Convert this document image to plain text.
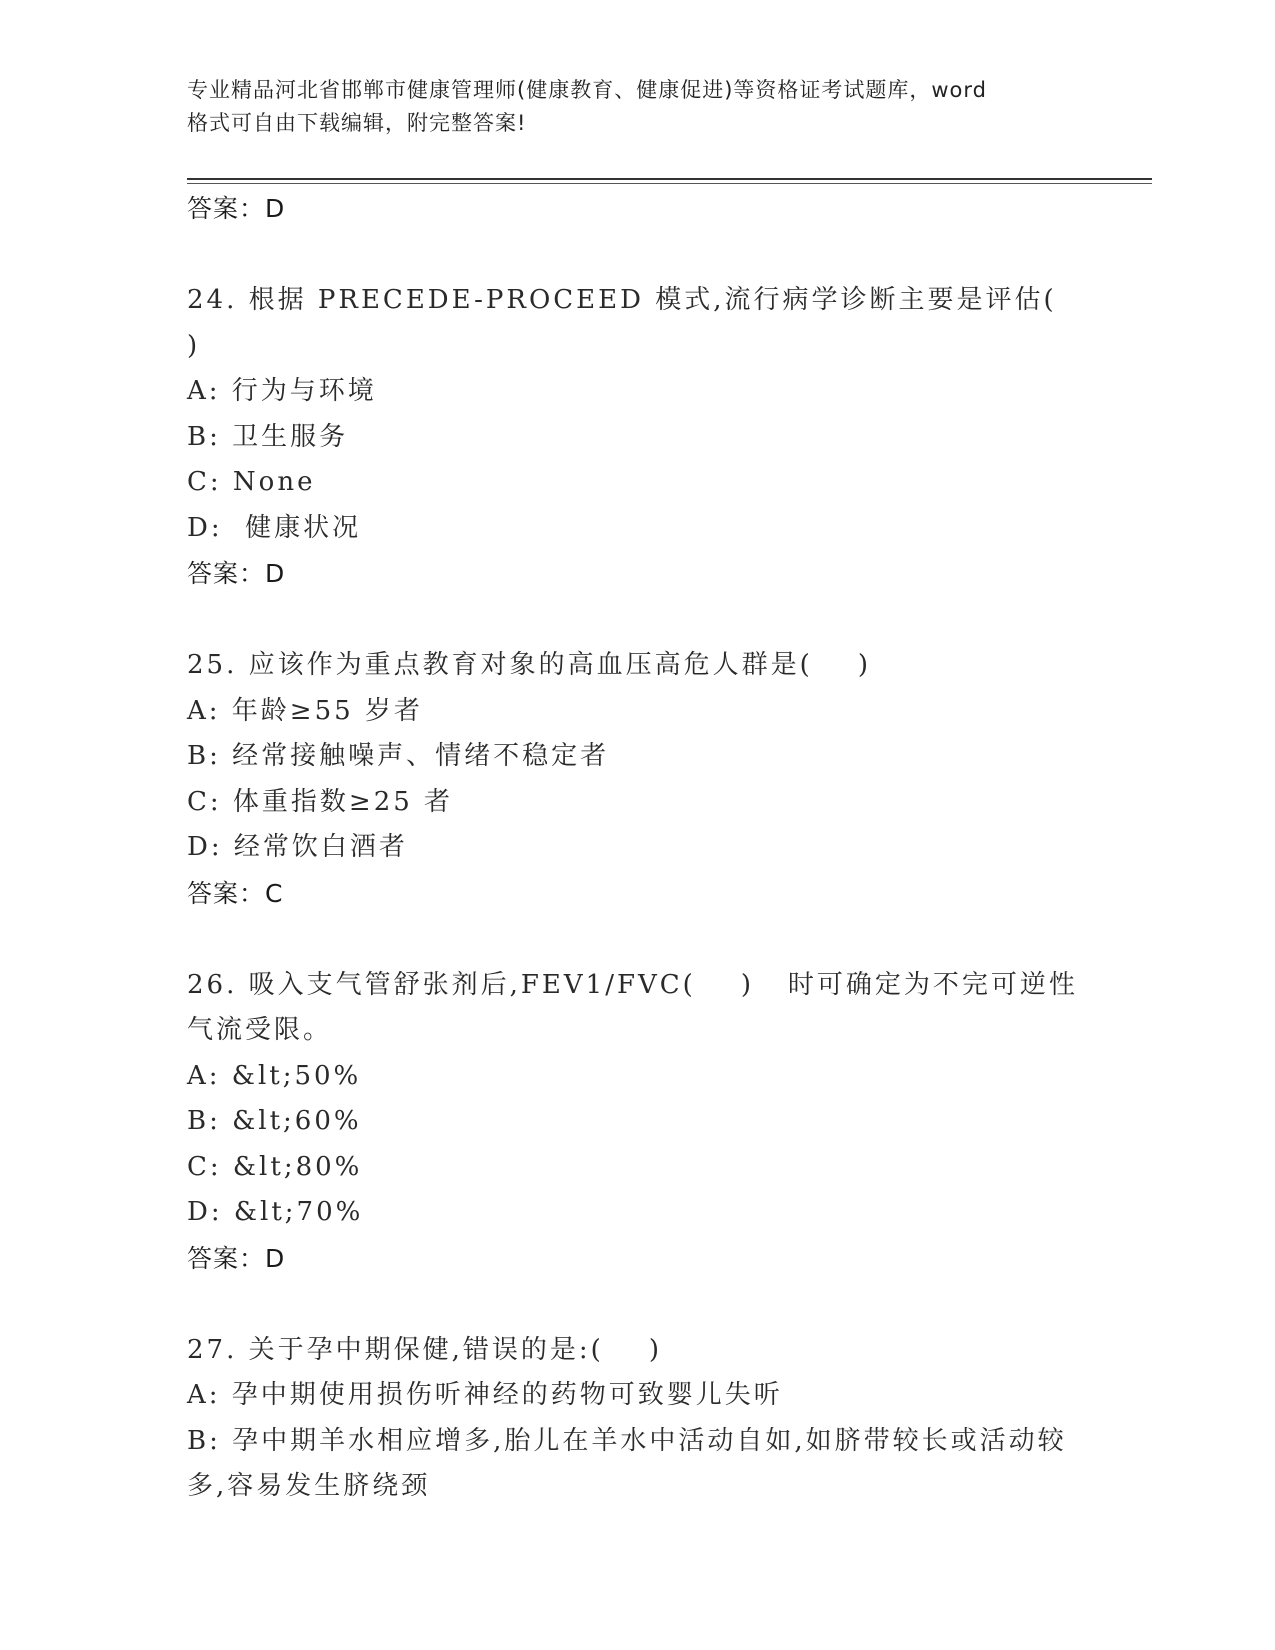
专业精品河北省邯郸市健康管理师(健康教育、健康促进)等资格证考试题库，word
格式可自由下载编辑，附完整答案!
答案：D
24. 根据 PRECEDE-PROCEED 模式,流行病学诊断主要是评估(    )
A: 行为与环境
B: 卫生服务
C: None
D:  健康状况
答案：D
25. 应该作为重点教育对象的高血压高危人群是(    )
A: 年龄≥55 岁者
B: 经常接触噪声、情绪不稳定者
C: 体重指数≥25 者
D: 经常饮白酒者
答案：C
26. 吸入支气管舒张剂后,FEV1/FVC(    )   时可确定为不完可逆性
气流受限。
A: &lt;50%
B: &lt;60%
C: &lt;80%
D: &lt;70%
答案：D
27. 关于孕中期保健,错误的是:(    )
A: 孕中期使用损伤听神经的药物可致婴儿失听
B: 孕中期羊水相应增多,胎儿在羊水中活动自如,如脐带较长或活动较
多,容易发生脐绕颈
